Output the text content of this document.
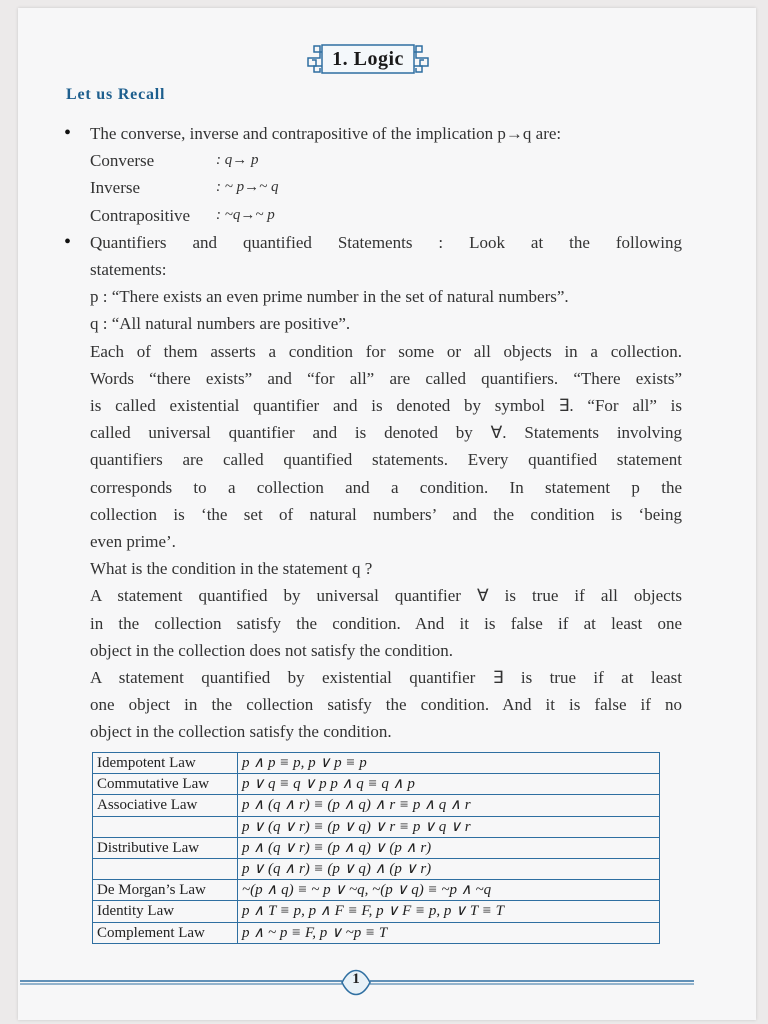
1. Logic
Let us Recall
• The converse, inverse and contrapositive of the implication p→q are:
Converse	: q→ p
Inverse	: ~ p→~ q
Contrapositive	: ~q→~ p
• Quantifiers and quantified Statements : Look at the following
statements:
p : “There exists an even prime number in the set of natural numbers”.
q : “All natural numbers are positive”.
Each of them asserts a condition for some or all objects in a collection.
Words “there exists” and “for all” are called quantifiers. “There exists”
is called existential quantifier and is denoted by symbol ∃. “For all” is
called universal quantifier and is denoted by ∀. Statements involving
quantifiers are called quantified statements. Every quantified statement
corresponds to a collection and a condition. In statement p the
collection is ‘the set of natural numbers’ and the condition is ‘being
even prime’.
What is the condition in the statement q ?
A statement quantified by universal quantifier ∀ is true if all objects
in the collection satisfy the condition. And it is false if at least one
object in the collection does not satisfy the condition.
A statement quantified by existential quantifier ∃ is true if at least
one object in the collection satisfy the condition. And it is false if no
object in the collection satisfy the condition.
Idempotent Law	p ∧ p ≡ p, p ∨ p ≡ p
Commutative Law	p ∨ q ≡ q ∨ p p ∧ q ≡ q ∧ p
Associative Law	p ∧ (q ∧ r) ≡ (p ∧ q) ∧ r ≡ p ∧ q ∧ r
	p ∨ (q ∨ r) ≡ (p ∨ q) ∨ r ≡ p ∨ q ∨ r
Distributive Law	p ∧ (q ∨ r) ≡ (p ∧ q) ∨ (p ∧ r)
	p ∨ (q ∧ r) ≡ (p ∨ q) ∧ (p ∨ r)
De Morgan’s Law	~(p ∧ q) ≡ ~ p ∨ ~q, ~(p ∨ q) ≡ ~p ∧ ~q
Identity Law	p ∧ T ≡ p, p ∧ F ≡ F, p ∨ F ≡ p, p ∨ T ≡ T
Complement Law	p ∧ ~ p ≡ F, p ∨ ~p ≡ T
1
